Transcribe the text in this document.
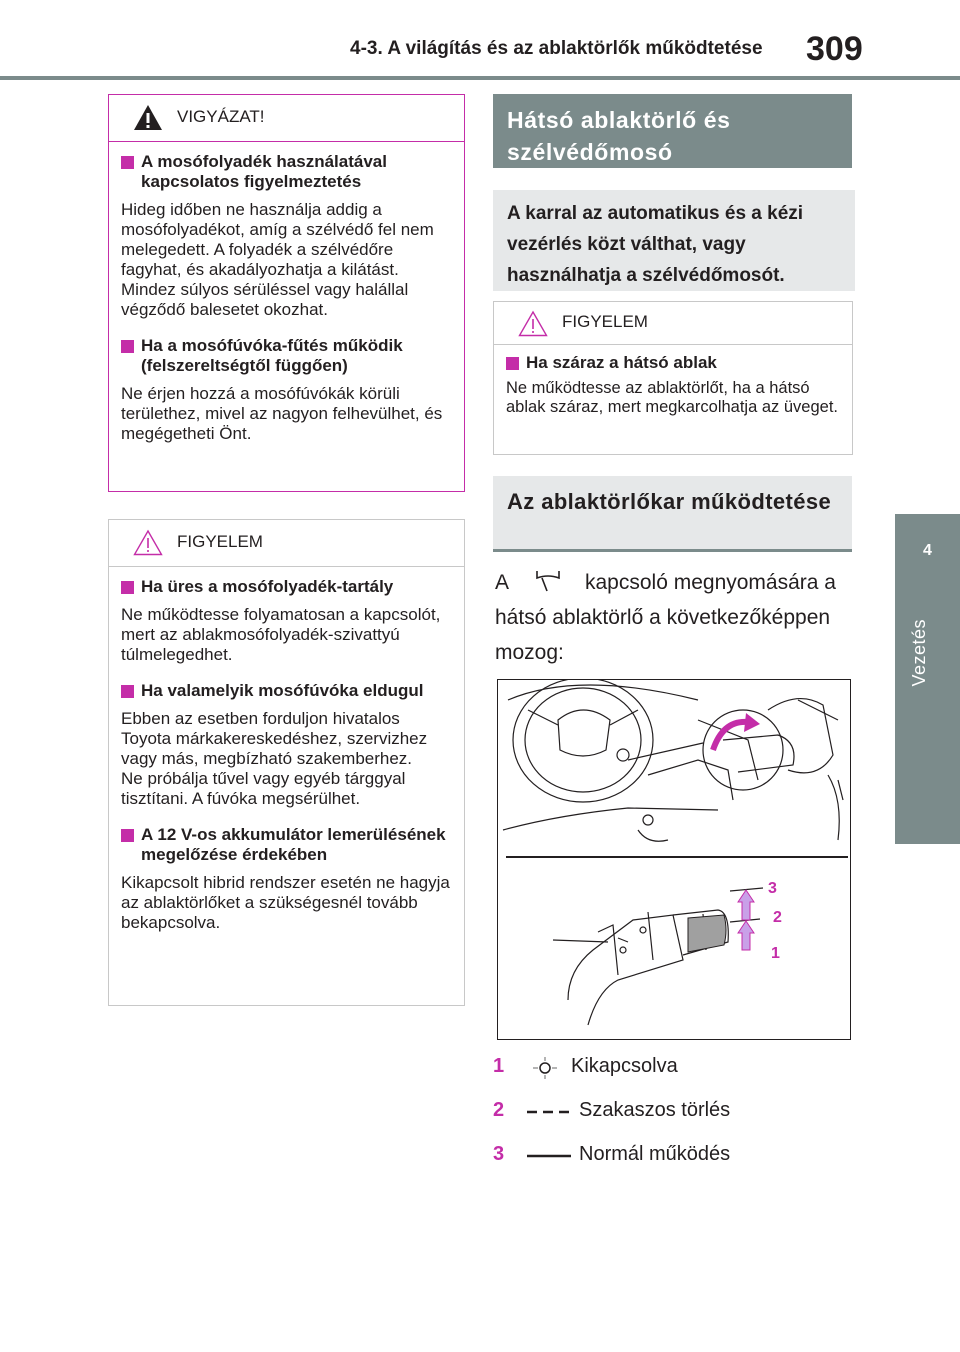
4-3. A világítás és az ablaktörlők működtetése 309
4
Vezetés
VIGYÁZAT!
A mosófolyadék használatával kapcsolatos figyelmeztetés
Hideg időben ne használja addig a mosófolyadékot, amíg a szélvédő fel nem melegedett. A folyadék a szélvédőre fagyhat, és akadályozhatja a kilátást. Mindez súlyos sérüléssel vagy halállal végződő balesetet okozhat.
Ha a mosófúvóka-fűtés működik (felszereltségtől függően)
Ne érjen hozzá a mosófúvókák körüli területhez, mivel az nagyon felhevülhet, és megégetheti Önt.
FIGYELEM
Ha üres a mosófolyadék-tartály
Ne működtesse folyamatosan a kapcsolót, mert az ablakmosófolyadék-szivattyú túlmelegedhet.
Ha valamelyik mosófúvóka eldugul
Ebben az esetben forduljon hivatalos Toyota márkakereskedéshez, szervizhez vagy más, megbízható szakemberhez.
Ne próbálja tűvel vagy egyéb tárggyal tisztítani. A fúvóka megsérülhet.
A 12 V-os akkumulátor lemerülésének megelőzése érdekében
Kikapcsolt hibrid rendszer esetén ne hagyja az ablaktörlőket a szükségesnél tovább bekapcsolva.
Hátsó ablaktörlő és szélvédőmosó
A karral az automatikus és a kézi vezérlés közt válthat, vagy használhatja a szélvédőmosót.
FIGYELEM
Ha száraz a hátsó ablak
Ne működtesse az ablaktörlőt, ha a hátsó ablak száraz, mert megkarcolhatja az üveget.
Az ablaktörlőkar működtetése
A	kapcsoló megnyomására a hátsó ablaktörlő a következőképpen mozog:
3
2
1
1	Kikapcsolva
2	Szakaszos törlés
3	Normál működés
